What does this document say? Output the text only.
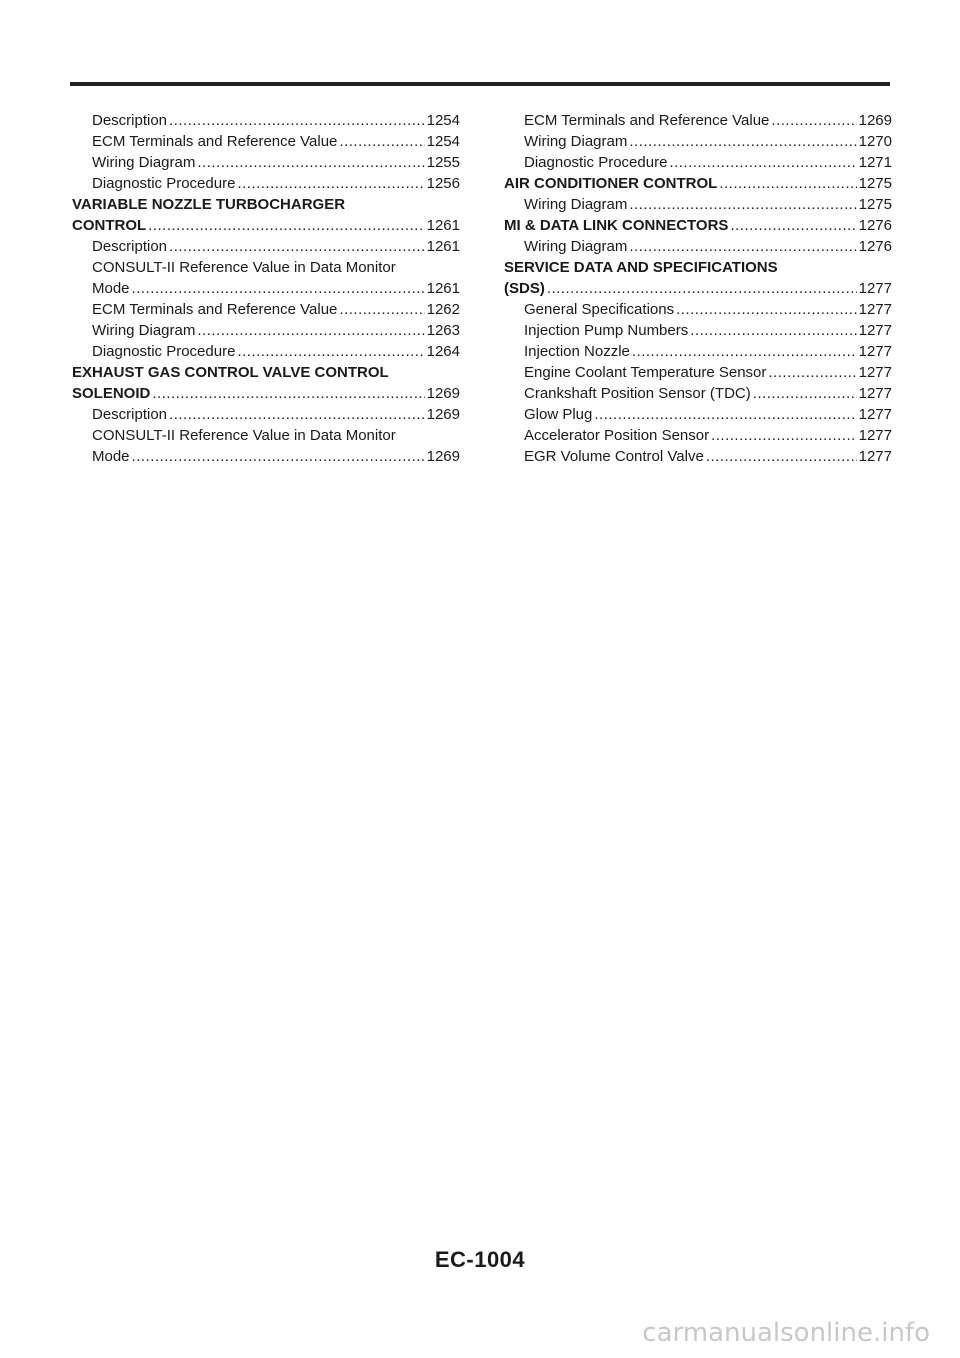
Description .....	1254
ECM Terminals and Reference Value .....	1254
Wiring Diagram .....	1255
Diagnostic Procedure .....	1256
VARIABLE NOZZLE TURBOCHARGER
CONTROL .....	1261
Description .....	1261
CONSULT-II Reference Value in Data Monitor
Mode .....	1261
ECM Terminals and Reference Value .....	1262
Wiring Diagram .....	1263
Diagnostic Procedure .....	1264
EXHAUST GAS CONTROL VALVE CONTROL
SOLENOID .....	1269
Description .....	1269
CONSULT-II Reference Value in Data Monitor
Mode .....	1269
ECM Terminals and Reference Value .....	1269
Wiring Diagram .....	1270
Diagnostic Procedure .....	1271
AIR CONDITIONER CONTROL .....	1275
Wiring Diagram .....	1275
MI & DATA LINK CONNECTORS .....	1276
Wiring Diagram .....	1276
SERVICE DATA AND SPECIFICATIONS
(SDS) .....	1277
General Specifications .....	1277
Injection Pump Numbers .....	1277
Injection Nozzle .....	1277
Engine Coolant Temperature Sensor .....	1277
Crankshaft Position Sensor (TDC) .....	1277
Glow Plug .....	1277
Accelerator Position Sensor .....	1277
EGR Volume Control Valve .....	1277
EC-1004
carmanualsonline.info
